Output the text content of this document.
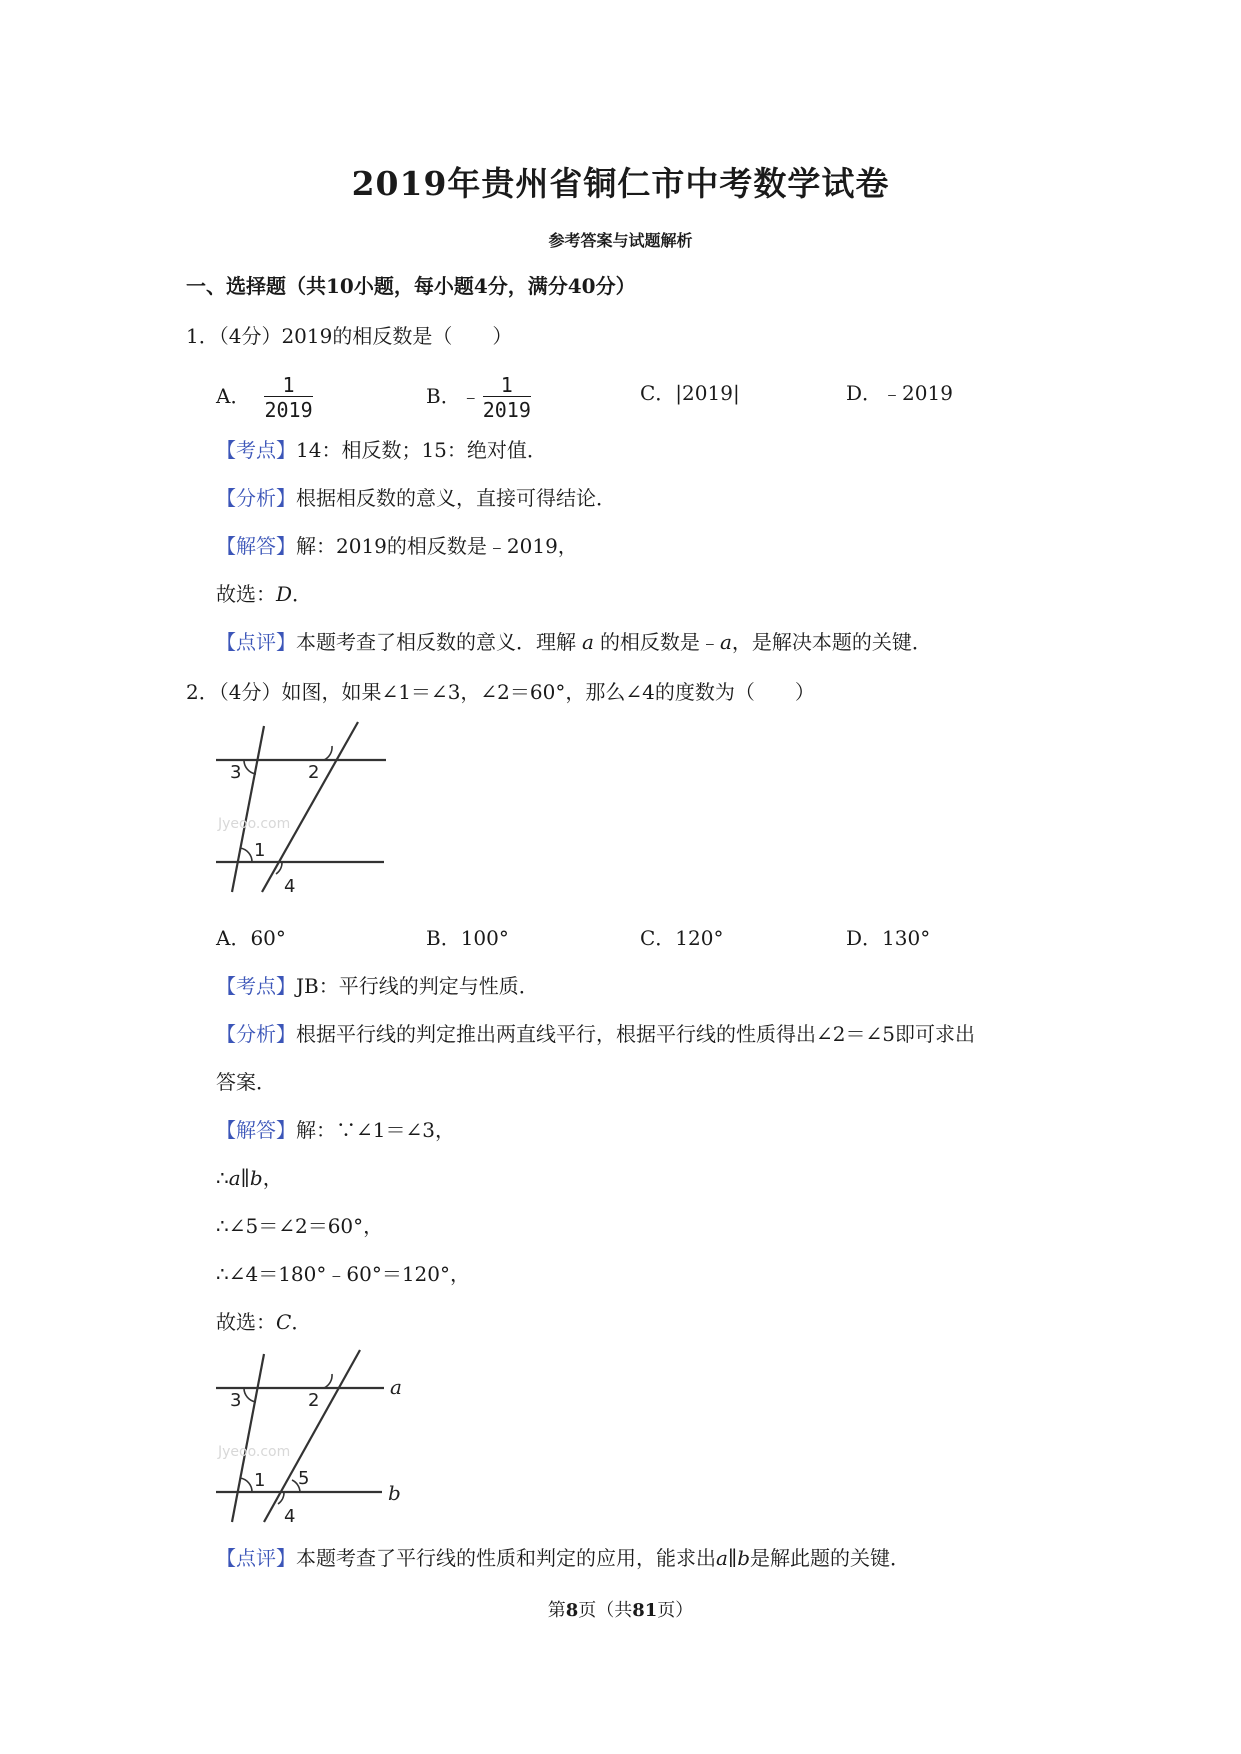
2019年贵州省铜仁市中考数学试卷
参考答案与试题解析
一、选择题（共10小题，每小题4分，满分40分）
1．（4分）2019的相反数是（　　）
A． $\frac{1}{2019}$	B．﹣ $\frac{1}{2019}$	C．|2019|	D．﹣2019
【考点】14：相反数；15：绝对值．
【分析】根据相反数的意义，直接可得结论．
【解答】解：2019的相反数是﹣2019，
故选：D．
【点评】本题考查了相反数的意义．理解 a 的相反数是﹣a，是解决本题的关键．
2．（4分）如图，如果∠1＝∠3，∠2＝60°，那么∠4的度数为（　　）
3	2
1
4
Jyeoo.com
A．60°	B．100°	C．120°	D．130°
【考点】JB：平行线的判定与性质．
【分析】根据平行线的判定推出两直线平行，根据平行线的性质得出∠2＝∠5即可求出
答案．
【解答】解：∵∠1＝∠3，
∴a∥b，
∴∠5＝∠2＝60°，
∴∠4＝180°﹣60°＝120°，
故选：C．
3	2
1 5
4
a
b
Jyeoo.com
【点评】本题考查了平行线的性质和判定的应用，能求出a∥b是解此题的关键．
第8页（共81页）
